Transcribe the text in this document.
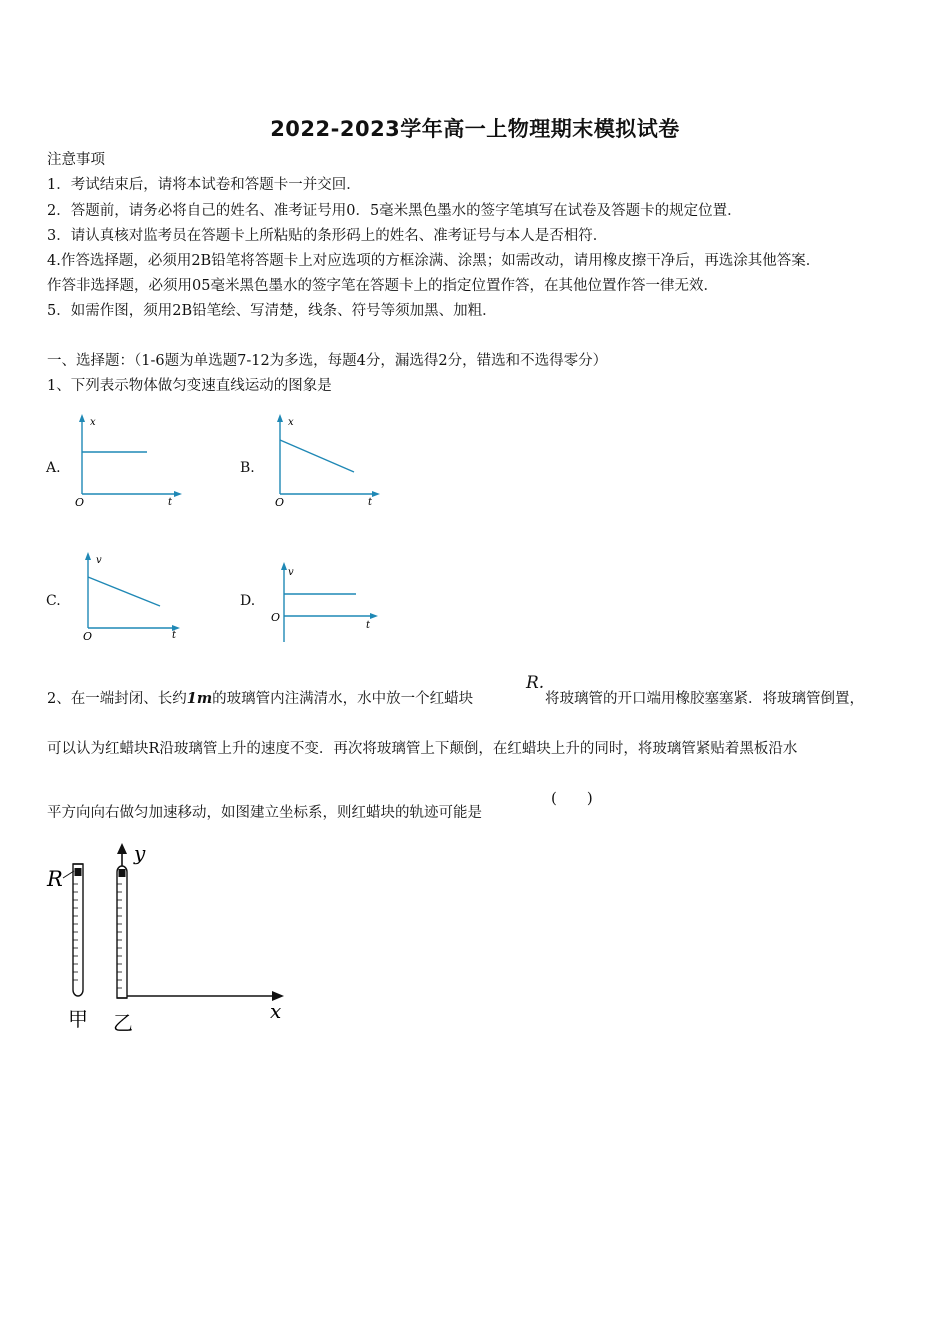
2022-2023学年高一上物理期末模拟试卷
注意事项
1．考试结束后，请将本试卷和答题卡一并交回．
2．答题前，请务必将自己的姓名、准考证号用0．5毫米黑色墨水的签字笔填写在试卷及答题卡的规定位置．
3．请认真核对监考员在答题卡上所粘贴的条形码上的姓名、准考证号与本人是否相符．
4.作答选择题，必须用2B铅笔将答题卡上对应选项的方框涂满、涂黑；如需改动，请用橡皮擦干净后，再选涂其他答案．
作答非选择题，必须用05毫米黑色墨水的签字笔在答题卡上的指定位置作答，在其他位置作答一律无效．
5．如需作图，须用2B铅笔绘、写清楚，线条、符号等须加黑、加粗．
一、选择题：（1-6题为单选题7-12为多选，每题4分，漏选得2分，错选和不选得零分）
1、下列表示物体做匀变速直线运动的图象是
A.
x
O	t
B.
x
O	t
C.
v
O	t
D.
v
O
t
2、在一端封闭、长约1m的玻璃管内注满清水，水中放一个红蜡块
R.
将玻璃管的开口端用橡胶塞塞紧．将玻璃管倒置，
可以认为红蜡块R沿玻璃管上升的速度不变．再次将玻璃管上下颠倒，在红蜡块上升的同时，将玻璃管紧贴着黑板沿水
平方向向右做匀加速移动，如图建立坐标系，则红蜡块的轨迹可能是
(　　)
R
y
x
甲 乙
